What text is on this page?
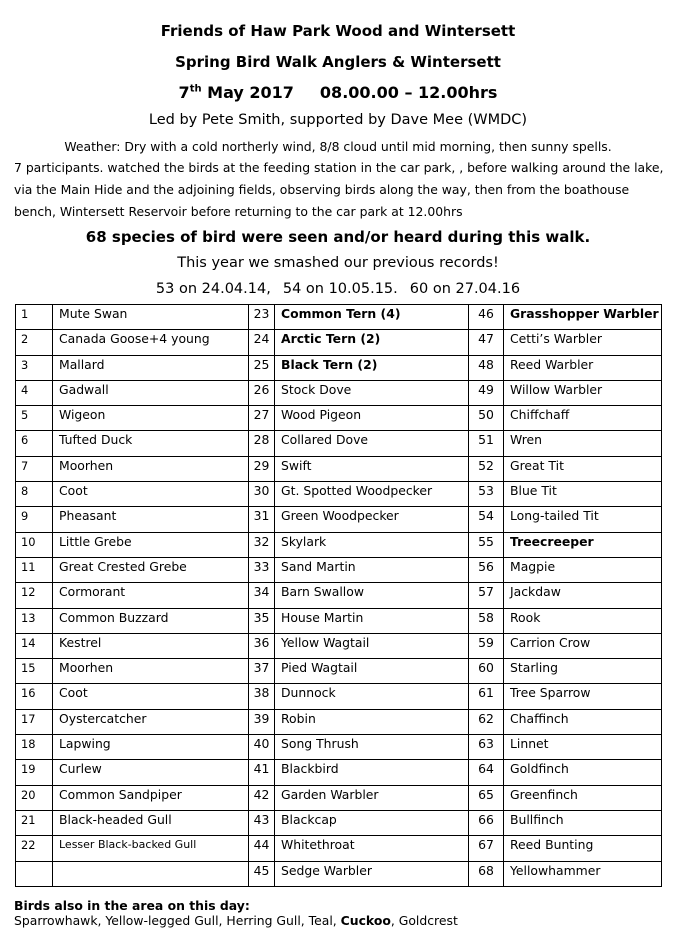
Friends of Haw Park Wood and Wintersett
Spring Bird Walk Anglers & Wintersett
7th May 2017 08.00.00 – 12.00hrs
Led by Pete Smith, supported by Dave Mee (WMDC)
Weather: Dry with a cold northerly wind, 8/8 cloud until mid morning, then sunny spells.
7 participants. watched the birds at the feeding station in the car park, , before walking around the lake, via the Main Hide and the adjoining fields, observing birds along the way, then from the boathouse bench, Wintersett Reservoir before returning to the car park at 12.00hrs
68 species of bird were seen and/or heard during this walk.
This year we smashed our previous records!
53 on 24.04.14, 54 on 10.05.15. 60 on 27.04.16
1	Mute Swan	23	Common Tern (4)	46	Grasshopper Warbler
2	Canada Goose+4 young	24	Arctic Tern (2)	47	Cetti’s Warbler
3	Mallard	25	Black Tern (2)	48	Reed Warbler
4	Gadwall	26	Stock Dove	49	Willow Warbler
5	Wigeon	27	Wood Pigeon	50	Chiffchaff
6	Tufted Duck	28	Collared Dove	51	Wren
7	Moorhen	29	Swift	52	Great Tit
8	Coot	30	Gt. Spotted Woodpecker	53	Blue Tit
9	Pheasant	31	Green Woodpecker	54	Long-tailed Tit
10	Little Grebe	32	Skylark	55	Treecreeper
11	Great Crested Grebe	33	Sand Martin	56	Magpie
12	Cormorant	34	Barn Swallow	57	Jackdaw
13	Common Buzzard	35	House Martin	58	Rook
14	Kestrel	36	Yellow Wagtail	59	Carrion Crow
15	Moorhen	37	Pied Wagtail	60	Starling
16	Coot	38	Dunnock	61	Tree Sparrow
17	Oystercatcher	39	Robin	62	Chaffinch
18	Lapwing	40	Song Thrush	63	Linnet
19	Curlew	41	Blackbird	64	Goldfinch
20	Common Sandpiper	42	Garden Warbler	65	Greenfinch
21	Black-headed Gull	43	Blackcap	66	Bullfinch
22	Lesser Black-backed Gull	44	Whitethroat	67	Reed Bunting
		45	Sedge Warbler	68	Yellowhammer
Birds also in the area on this day:
Sparrowhawk, Yellow-legged Gull, Herring Gull, Teal, Cuckoo, Goldcrest
